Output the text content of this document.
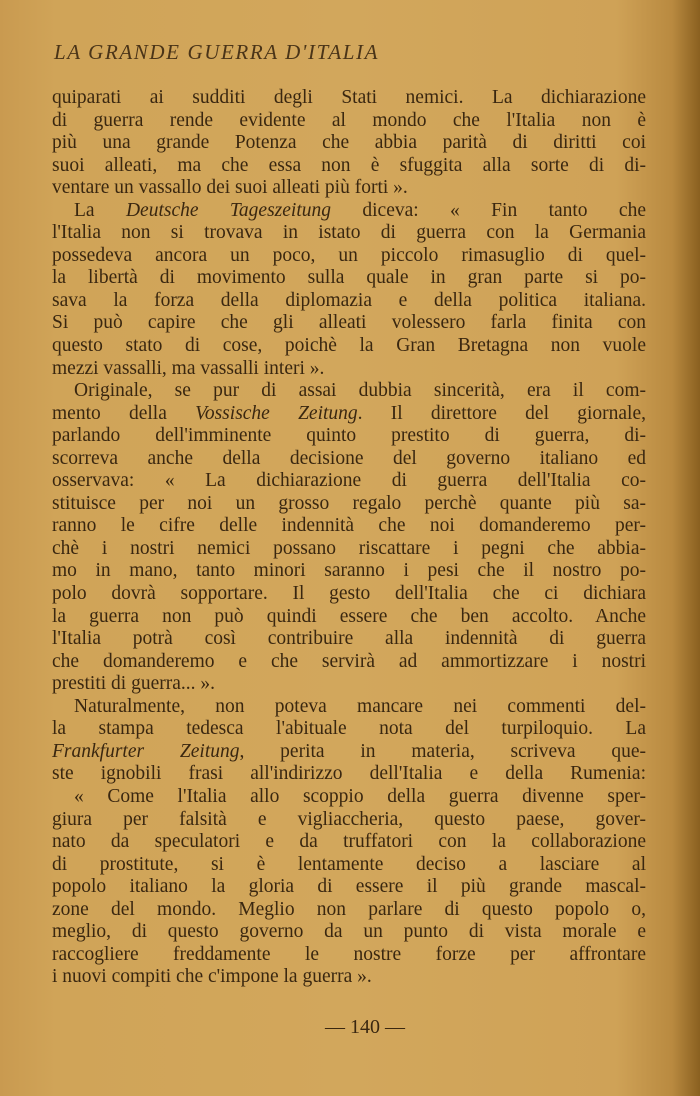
LA GRANDE GUERRA D'ITALIA
quiparati ai sudditi degli Stati nemici. La dichiarazione
di guerra rende evidente al mondo che l'Italia non è
più una grande Potenza che abbia parità di diritti coi
suoi alleati, ma che essa non è sfuggita alla sorte di di-
ventare un vassallo dei suoi alleati più forti ».
La Deutsche Tageszeitung diceva: « Fin tanto che
l'Italia non si trovava in istato di guerra con la Germania
possedeva ancora un poco, un piccolo rimasuglio di quel-
la libertà di movimento sulla quale in gran parte si po-
sava la forza della diplomazia e della politica italiana.
Si può capire che gli alleati volessero farla finita con
questo stato di cose, poichè la Gran Bretagna non vuole
mezzi vassalli, ma vassalli interi ».
Originale, se pur di assai dubbia sincerità, era il com-
mento della Vossische Zeitung. Il direttore del giornale,
parlando dell'imminente quinto prestito di guerra, di-
scorreva anche della decisione del governo italiano ed
osservava: « La dichiarazione di guerra dell'Italia co-
stituisce per noi un grosso regalo perchè quante più sa-
ranno le cifre delle indennità che noi domanderemo per-
chè i nostri nemici possano riscattare i pegni che abbia-
mo in mano, tanto minori saranno i pesi che il nostro po-
polo dovrà sopportare. Il gesto dell'Italia che ci dichiara
la guerra non può quindi essere che ben accolto. Anche
l'Italia potrà così contribuire alla indennità di guerra
che domanderemo e che servirà ad ammortizzare i nostri
prestiti di guerra... ».
Naturalmente, non poteva mancare nei commenti del-
la stampa tedesca l'abituale nota del turpiloquio. La
Frankfurter Zeitung, perita in materia, scriveva que-
ste ignobili frasi all'indirizzo dell'Italia e della Rumenia:
« Come l'Italia allo scoppio della guerra divenne sper-
giura per falsità e vigliaccheria, questo paese, gover-
nato da speculatori e da truffatori con la collaborazione
di prostitute, si è lentamente deciso a lasciare al
popolo italiano la gloria di essere il più grande mascal-
zone del mondo. Meglio non parlare di questo popolo o,
meglio, di questo governo da un punto di vista morale e
raccogliere freddamente le nostre forze per affrontare
i nuovi compiti che c'impone la guerra ».
— 140 —
